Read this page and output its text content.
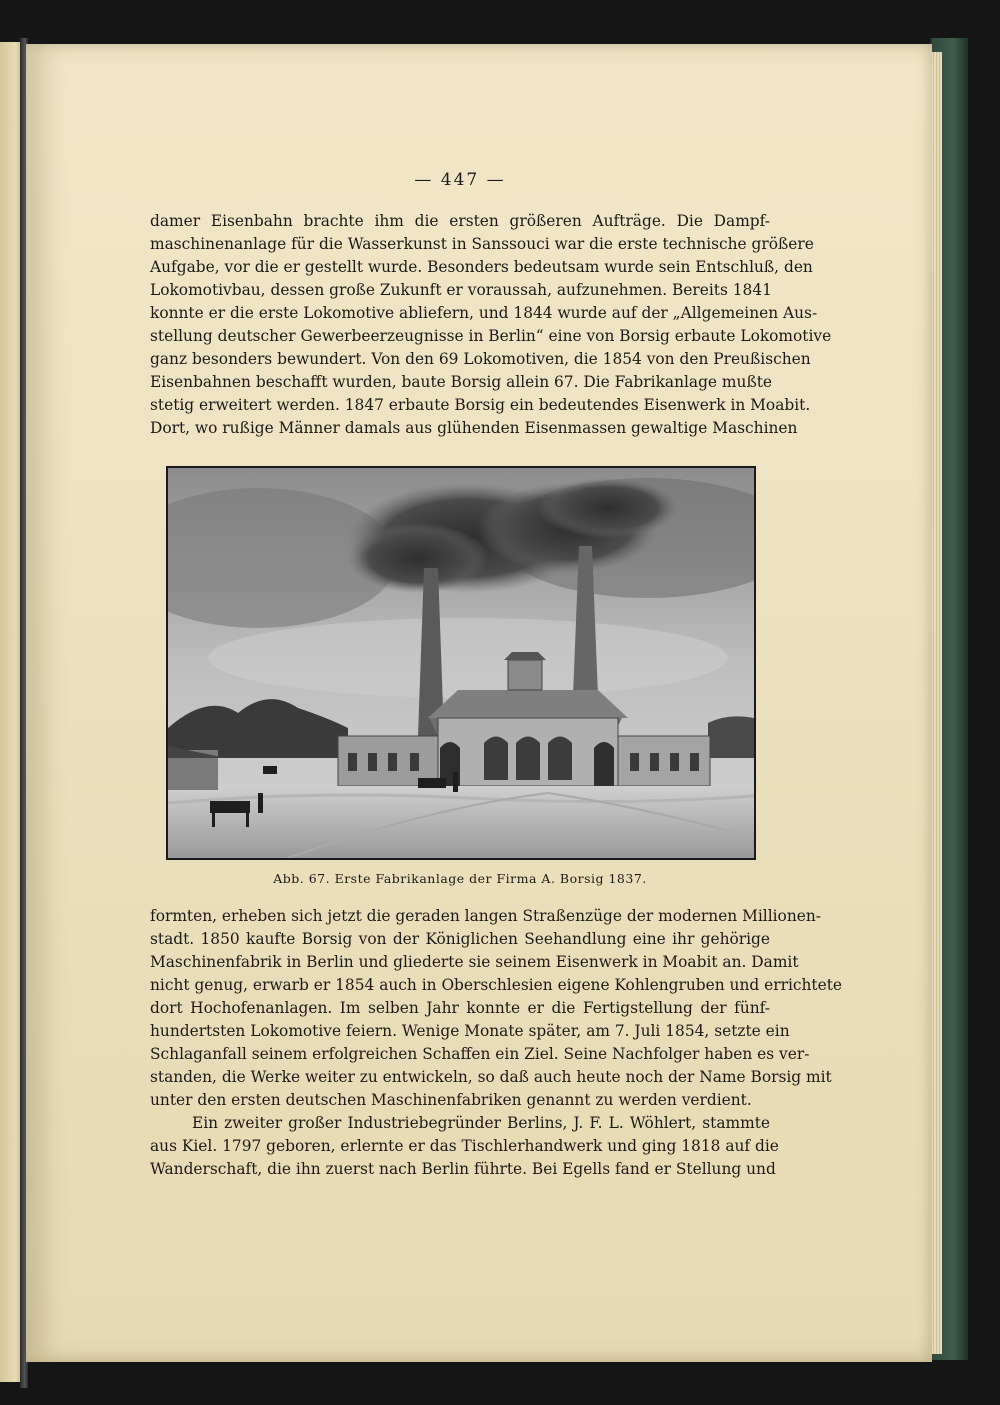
— 447 —
damer Eisenbahn brachte ihm die ersten größeren Aufträge. Die Dampf-
maschinenanlage für die Wasserkunst in Sanssouci war die erste technische größere
Aufgabe, vor die er gestellt wurde. Besonders bedeutsam wurde sein Entschluß, den
Lokomotivbau, dessen große Zukunft er voraussah, aufzunehmen. Bereits 1841
konnte er die erste Lokomotive abliefern, und 1844 wurde auf der „Allgemeinen Aus-
stellung deutscher Gewerbeerzeugnisse in Berlin“ eine von Borsig erbaute Lokomotive
ganz besonders bewundert. Von den 69 Lokomotiven, die 1854 von den Preußischen
Eisenbahnen beschafft wurden, baute Borsig allein 67. Die Fabrikanlage mußte
stetig erweitert werden. 1847 erbaute Borsig ein bedeutendes Eisenwerk in Moabit.
Dort, wo rußige Männer damals aus glühenden Eisenmassen gewaltige Maschinen
Abb. 67. Erste Fabrikanlage der Firma A. Borsig 1837.
formten, erheben sich jetzt die geraden langen Straßenzüge der modernen Millionen-
stadt. 1850 kaufte Borsig von der Königlichen Seehandlung eine ihr gehörige
Maschinenfabrik in Berlin und gliederte sie seinem Eisenwerk in Moabit an. Damit
nicht genug, erwarb er 1854 auch in Oberschlesien eigene Kohlengruben und errichtete
dort Hochofenanlagen. Im selben Jahr konnte er die Fertigstellung der fünf-
hundertsten Lokomotive feiern. Wenige Monate später, am 7. Juli 1854, setzte ein
Schlaganfall seinem erfolgreichen Schaffen ein Ziel. Seine Nachfolger haben es ver-
standen, die Werke weiter zu entwickeln, so daß auch heute noch der Name Borsig mit
unter den ersten deutschen Maschinenfabriken genannt zu werden verdient.
Ein zweiter großer Industriebegründer Berlins, J. F. L. Wöhlert, stammte
aus Kiel. 1797 geboren, erlernte er das Tischlerhandwerk und ging 1818 auf die
Wanderschaft, die ihn zuerst nach Berlin führte. Bei Egells fand er Stellung und
